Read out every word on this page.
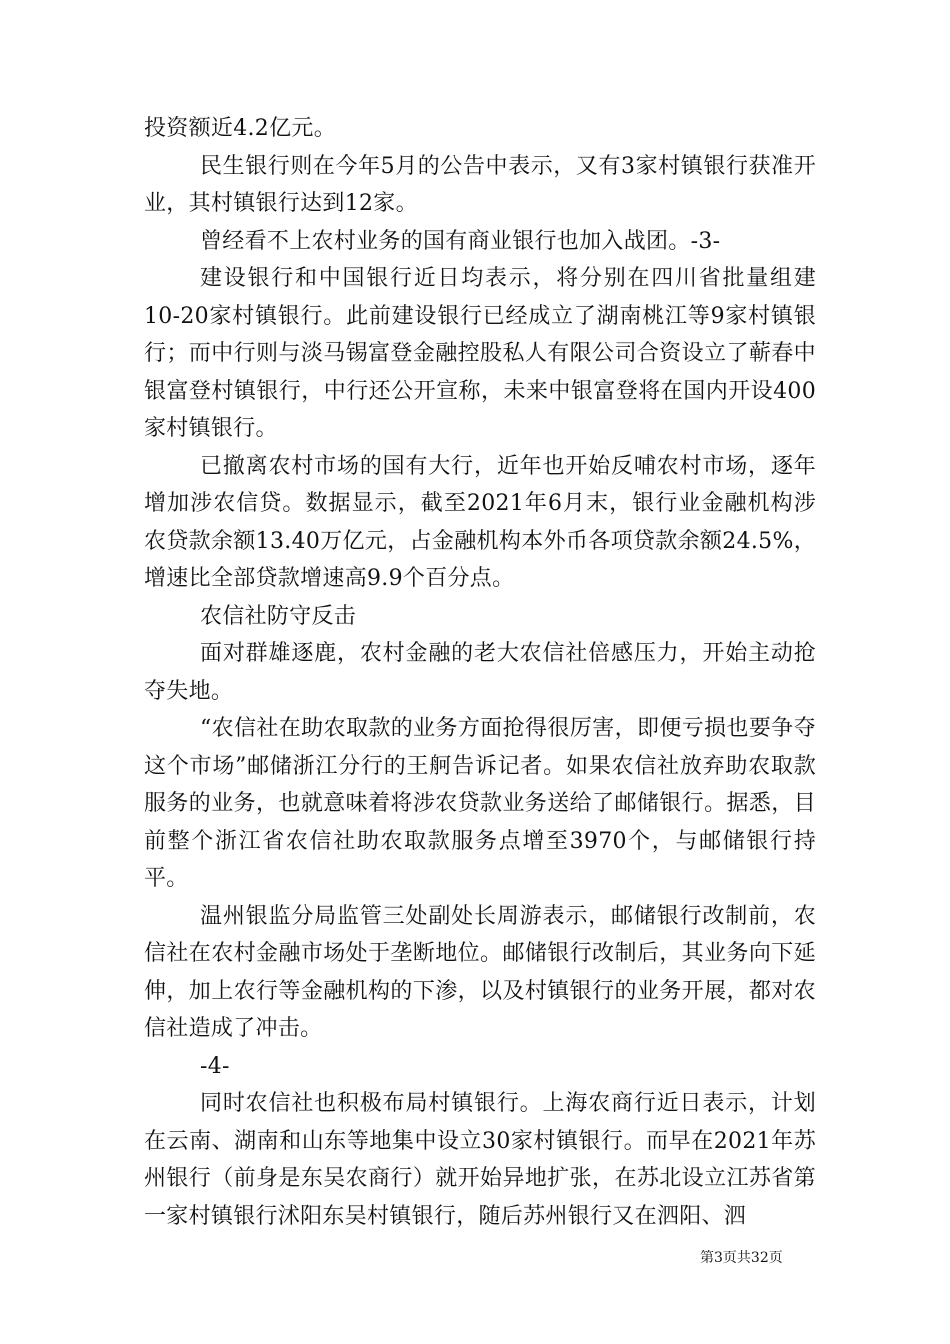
投资额近4.2亿元。

民生银行则在今年5月的公告中表示，又有3家村镇银行获准开业，其村镇银行达到12家。

曾经看不上农村业务的国有商业银行也加入战团。-3-

建设银行和中国银行近日均表示，将分别在四川省批量组建10-20家村镇银行。此前建设银行已经成立了湖南桃江等9家村镇银行；而中行则与淡马锡富登金融控股私人有限公司合资设立了蕲春中银富登村镇银行，中行还公开宣称，未来中银富登将在国内开设400家村镇银行。

已撤离农村市场的国有大行，近年也开始反哺农村市场，逐年增加涉农信贷。数据显示，截至2021年6月末，银行业金融机构涉农贷款余额13.40万亿元，占金融机构本外币各项贷款余额24.5%，增速比全部贷款增速高9.9个百分点。

农信社防守反击

面对群雄逐鹿，农村金融的老大农信社倍感压力，开始主动抢夺失地。

“农信社在助农取款的业务方面抢得很厉害，即便亏损也要争夺这个市场”邮储浙江分行的王舸告诉记者。如果农信社放弃助农取款服务的业务，也就意味着将涉农贷款业务送给了邮储银行。据悉，目前整个浙江省农信社助农取款服务点增至3970个，与邮储银行持平。

温州银监分局监管三处副处长周游表示，邮储银行改制前，农信社在农村金融市场处于垄断地位。邮储银行改制后，其业务向下延伸，加上农行等金融机构的下渗，以及村镇银行的业务开展，都对农信社造成了冲击。

-4-

同时农信社也积极布局村镇银行。上海农商行近日表示，计划在云南、湖南和山东等地集中设立30家村镇银行。而早在2021年苏州银行（前身是东吴农商行）就开始异地扩张，在苏北设立江苏省第一家村镇银行沭阳东吴村镇银行，随后苏州银行又在泗阳、泗

第3页共32页
